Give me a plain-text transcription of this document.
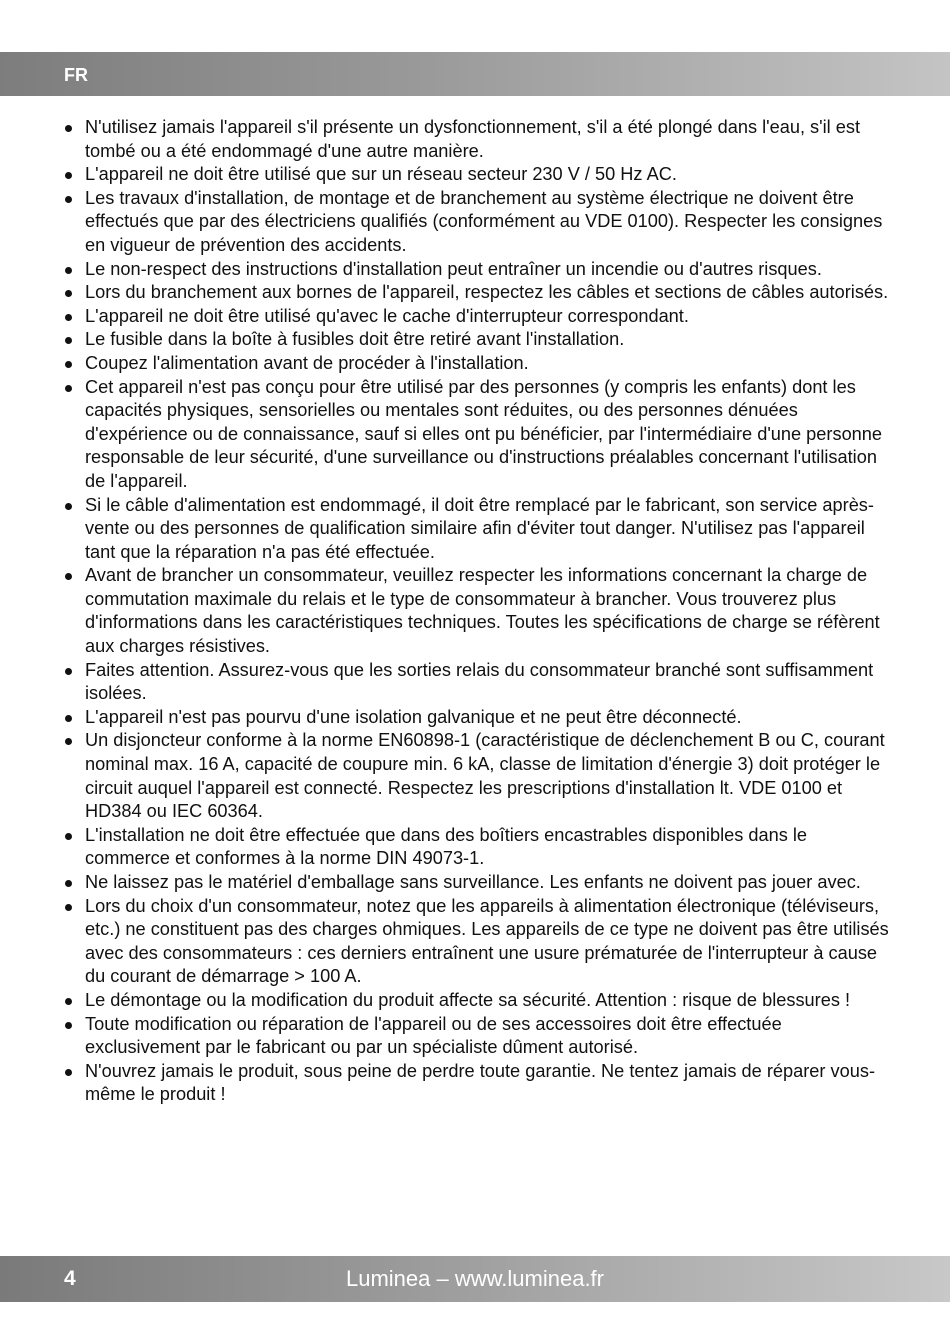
FR
N'utilisez jamais l'appareil s'il présente un dysfonctionnement, s'il a été plongé dans l'eau, s'il est tombé ou a été endommagé d'une autre manière.
L'appareil ne doit être utilisé que sur un réseau secteur 230 V / 50 Hz AC.
Les travaux d'installation, de montage et de branchement au système électrique ne doivent être effectués que par des électriciens qualifiés (conformément au VDE 0100). Respecter les consignes en vigueur de prévention des accidents.
Le non-respect des instructions d'installation peut entraîner un incendie ou d'autres risques.
Lors du branchement aux bornes de l'appareil, respectez les câbles et sections de câbles autorisés.
L'appareil ne doit être utilisé qu'avec le cache d'interrupteur correspondant.
Le fusible dans la boîte à fusibles doit être retiré avant l'installation.
Coupez l'alimentation avant de procéder à l'installation.
Cet appareil n'est pas conçu pour être utilisé par des personnes (y compris les enfants) dont les capacités physiques, sensorielles ou mentales sont réduites, ou des personnes dénuées d'expérience ou de connaissance, sauf si elles ont pu bénéficier, par l'intermédiaire d'une personne responsable de leur sécurité, d'une surveillance ou d'instructions préalables concernant l'utilisation de l'appareil.
Si le câble d'alimentation est endommagé, il doit être remplacé par le fabricant, son service après-vente ou des personnes de qualification similaire afin d'éviter tout danger. N'utilisez pas l'appareil tant que la réparation n'a pas été effectuée.
Avant de brancher un consommateur, veuillez respecter les informations concernant la charge de commutation maximale du relais et le type de consommateur à brancher. Vous trouverez plus d'informations dans les caractéristiques techniques. Toutes les spécifications de charge se réfèrent aux charges résistives.
Faites attention. Assurez-vous que les sorties relais du consommateur branché sont suffisamment isolées.
L'appareil n'est pas pourvu d'une isolation galvanique et ne peut être déconnecté.
Un disjoncteur conforme à la norme EN60898-1 (caractéristique de déclenchement B ou C, courant nominal max. 16 A, capacité de coupure min. 6 kA, classe de limitation d'énergie 3) doit protéger le circuit auquel l'appareil est connecté. Respectez les prescriptions d'installation lt. VDE 0100 et HD384 ou IEC 60364.
L'installation ne doit être effectuée que dans des boîtiers encastrables disponibles dans le commerce et conformes à la norme DIN 49073-1.
Ne laissez pas le matériel d'emballage sans surveillance. Les enfants ne doivent pas jouer avec.
Lors du choix d'un consommateur, notez que les appareils à alimentation électronique (téléviseurs, etc.) ne constituent pas des charges ohmiques. Les appareils de ce type ne doivent pas être utilisés avec des consommateurs : ces derniers entraînent une usure prématurée de l'interrupteur à cause du courant de démarrage > 100 A.
Le démontage ou la modification du produit affecte sa sécurité. Attention : risque de blessures !
Toute modification ou réparation de l'appareil ou de ses accessoires doit être effectuée exclusivement par le fabricant ou par un spécialiste dûment autorisé.
N'ouvrez jamais le produit, sous peine de perdre toute garantie. Ne tentez jamais de réparer vous-même le produit !
4	Luminea – www.luminea.fr
